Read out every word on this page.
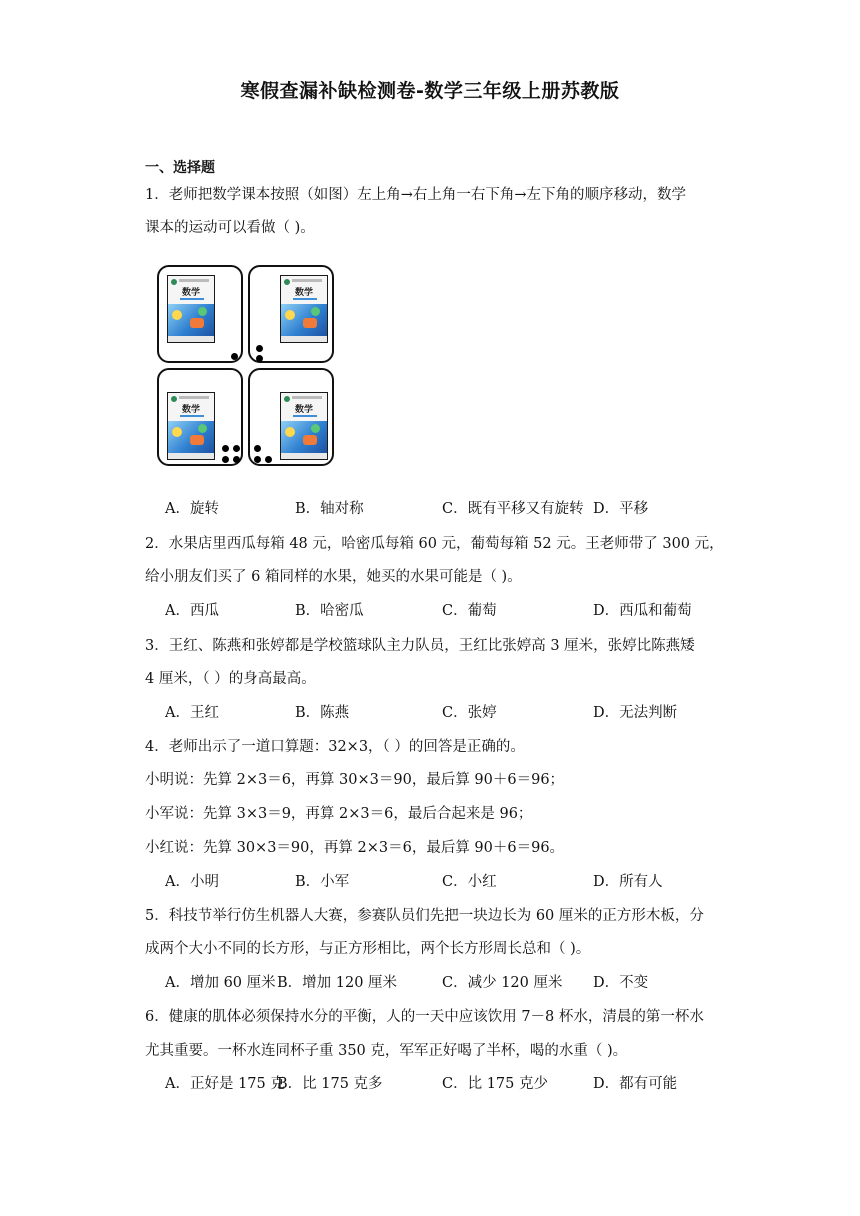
寒假查漏补缺检测卷-数学三年级上册苏教版
一、选择题
1．老师把数学课本按照（如图）左上角→右上角一右下角→左下角的顺序移动，数学
课本的运动可以看做（ )。
数学	数学
数学	数学
A．旋转	B．轴对称	C．既有平移又有旋转 D．平移
2．水果店里西瓜每箱 48 元，哈密瓜每箱 60 元，葡萄每箱 52 元。王老师带了 300 元，
给小朋友们买了 6 箱同样的水果，她买的水果可能是（ )。
A．西瓜	B．哈密瓜	C．葡萄	D．西瓜和葡萄
3．王红、陈燕和张婷都是学校篮球队主力队员，王红比张婷高 3 厘米，张婷比陈燕矮
4 厘米，（ ）的身高最高。
A．王红	B．陈燕	C．张婷	D．无法判断
4．老师出示了一道口算题：32×3，（ ）的回答是正确的。
小明说：先算 2×3＝6，再算 30×3＝90，最后算 90＋6＝96；
小军说：先算 3×3＝9，再算 2×3＝6，最后合起来是 96；
小红说：先算 30×3＝90，再算 2×3＝6，最后算 90＋6＝96。
A．小明	B．小军	C．小红	D．所有人
5．科技节举行仿生机器人大赛，参赛队员们先把一块边长为 60 厘米的正方形木板，分
成两个大小不同的长方形，与正方形相比，两个长方形周长总和（ )。
A．增加 60 厘米 B．增加 120 厘米	C．减少 120 厘米 D．不变
6．健康的肌体必须保持水分的平衡，人的一天中应该饮用 7－8 杯水，清晨的第一杯水
尤其重要。一杯水连同杯子重 350 克，军军正好喝了半杯，喝的水重（ )。
A．正好是 175 克
B．比 175 克多	C．比 175 克少	D．都有可能
